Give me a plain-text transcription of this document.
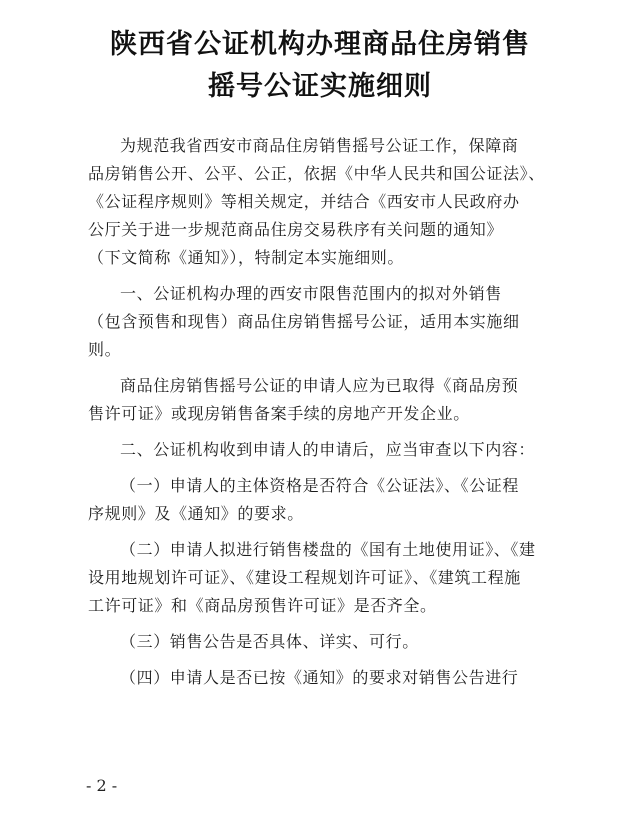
陕西省公证机构办理商品住房销售
摇号公证实施细则

为规范我省西安市商品住房销售摇号公证工作，保障商
品房销售公开、公平、公正，依据《中华人民共和国公证法》、
《公证程序规则》等相关规定，并结合《西安市人民政府办
公厅关于进一步规范商品住房交易秩序有关问题的通知》
（下文简称《通知》），特制定本实施细则。

一、公证机构办理的西安市限售范围内的拟对外销售
（包含预售和现售）商品住房销售摇号公证，适用本实施细
则。

商品住房销售摇号公证的申请人应为已取得《商品房预
售许可证》或现房销售备案手续的房地产开发企业。

二、公证机构收到申请人的申请后，应当审查以下内容：

（一）申请人的主体资格是否符合《公证法》、《公证程
序规则》及《通知》的要求。

（二）申请人拟进行销售楼盘的《国有土地使用证》、《建
设用地规划许可证》、《建设工程规划许可证》、《建筑工程施
工许可证》和《商品房预售许可证》是否齐全。

（三）销售公告是否具体、详实、可行。

（四）申请人是否已按《通知》的要求对销售公告进行

- 2 -
